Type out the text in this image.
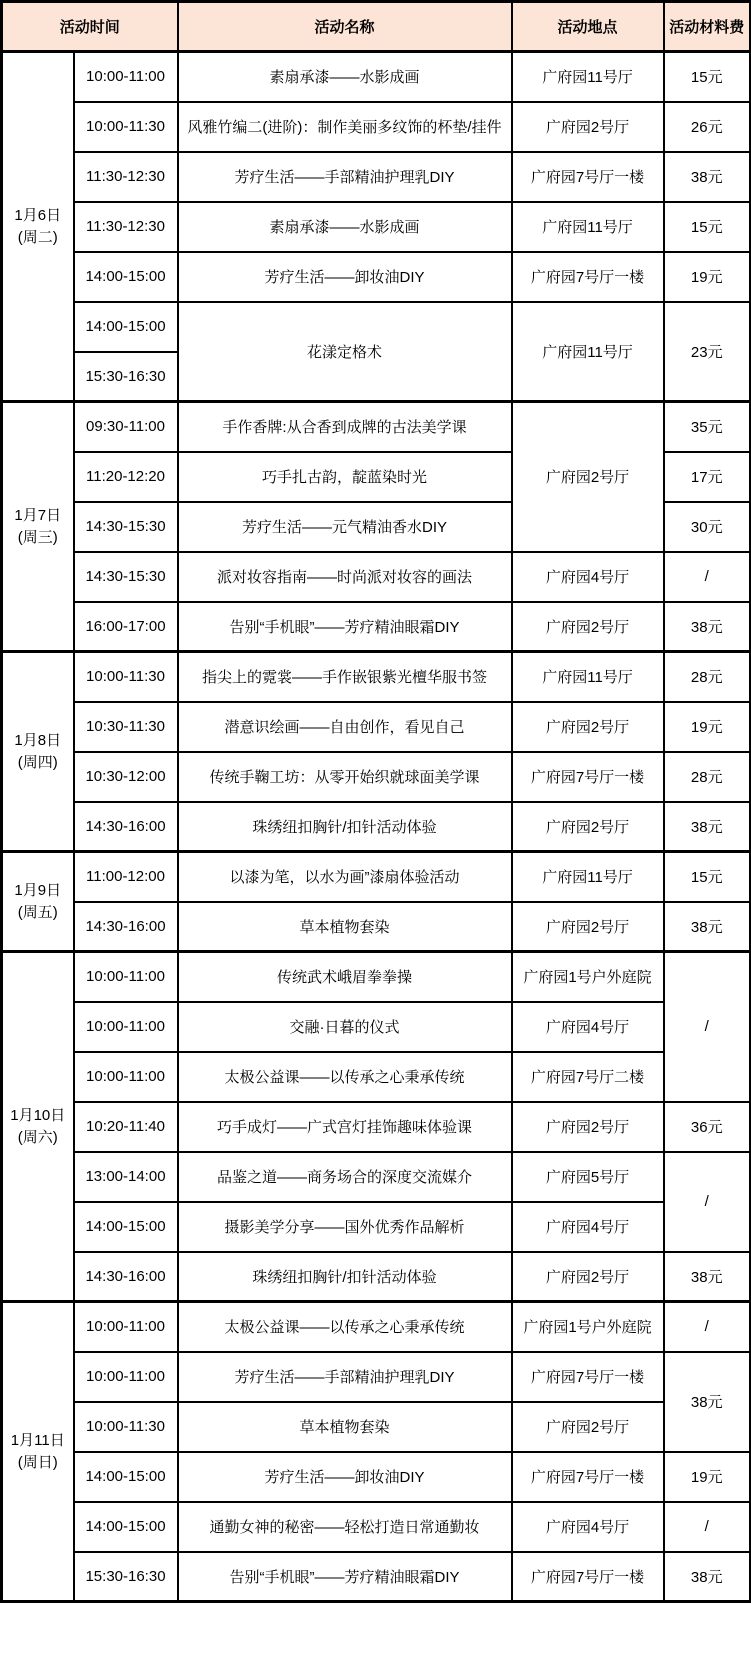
活动时间		活动名称	活动地点	活动材料费

1月6日
(周二)	10:00-11:00	素扇承漆——水影成画	广府园11号厅	15元
	10:00-11:30	风雅竹编二(进阶)：制作美丽多纹饰的杯垫/挂件	广府园2号厅	26元
	11:30-12:30	芳疗生活——手部精油护理乳DIY	广府园7号厅一楼	38元
	11:30-12:30	素扇承漆——水影成画	广府园11号厅	15元
	14:00-15:00	芳疗生活——卸妆油DIY	广府园7号厅一楼	19元
	14:00-15:00	花漾定格术	广府园11号厅	23元
	15:30-16:30			

1月7日
(周三)	09:30-11:00	手作香牌:从合香到成牌的古法美学课	广府园2号厅	35元
	11:20-12:20	巧手扎古韵，靛蓝染时光		17元
	14:30-15:30	芳疗生活——元气精油香水DIY		30元
	14:30-15:30	派对妆容指南——时尚派对妆容的画法	广府园4号厅	/
	16:00-17:00	告别“手机眼”——芳疗精油眼霜DIY	广府园2号厅	38元

1月8日
(周四)	10:00-11:30	指尖上的霓裳——手作嵌银紫光檀华服书签	广府园11号厅	28元
	10:30-11:30	潜意识绘画——自由创作，看见自己	广府园2号厅	19元
	10:30-12:00	传统手鞠工坊：从零开始织就球面美学课	广府园7号厅一楼	28元
	14:30-16:00	珠绣纽扣胸针/扣针活动体验	广府园2号厅	38元

1月9日
(周五)	11:00-12:00	以漆为笔，以水为画”漆扇体验活动	广府园11号厅	15元
	14:30-16:00	草本植物套染	广府园2号厅	38元

1月10日
(周六)	10:00-11:00	传统武术峨眉拳拳操	广府园1号户外庭院	/
	10:00-11:00	交融·日暮的仪式	广府园4号厅	
	10:00-11:00	太极公益课——以传承之心秉承传统	广府园7号厅二楼	
	10:20-11:40	巧手成灯——广式宫灯挂饰趣味体验课	广府园2号厅	36元
	13:00-14:00	品鉴之道——商务场合的深度交流媒介	广府园5号厅	/
	14:00-15:00	摄影美学分享——国外优秀作品解析	广府园4号厅	
	14:30-16:00	珠绣纽扣胸针/扣针活动体验	广府园2号厅	38元

1月11日
(周日)	10:00-11:00	太极公益课——以传承之心秉承传统	广府园1号户外庭院	/
	10:00-11:00	芳疗生活——手部精油护理乳DIY	广府园7号厅一楼	38元
	10:00-11:30	草本植物套染	广府园2号厅	
	14:00-15:00	芳疗生活——卸妆油DIY	广府园7号厅一楼	19元
	14:00-15:00	通勤女神的秘密——轻松打造日常通勤妆	广府园4号厅	/
	15:30-16:30	告别“手机眼”——芳疗精油眼霜DIY	广府园7号厅一楼	38元
